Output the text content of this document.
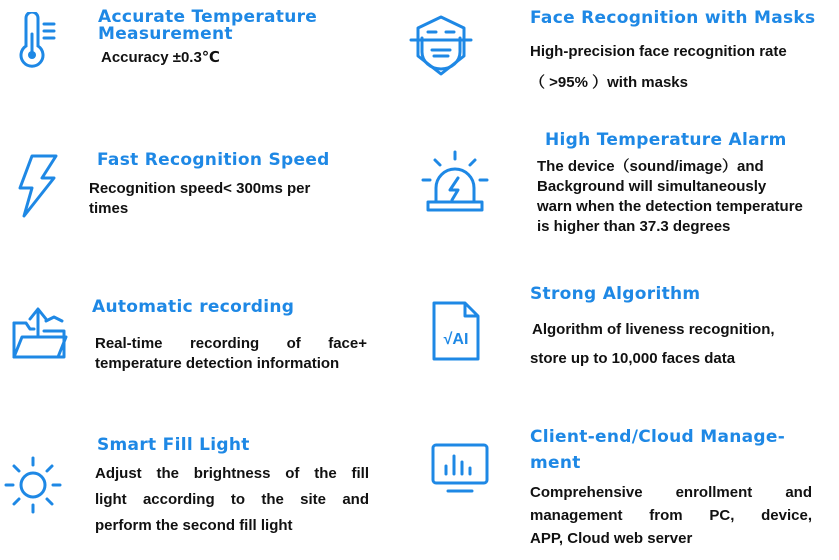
Accurate Temperature
Measurement
Accuracy ±0.3℃
Face Recognition with Masks
High-precision face recognition rate
（ >95% ）with masks
Fast Recognition Speed
Recognition speed< 300ms per
times
High Temperature Alarm
The device（sound/image）and
Background will simultaneously
warn when the detection temperature
is higher than 37.3 degrees
Automatic recording
Real-time recording of face+
temperature detection information
√AI
Strong Algorithm
Algorithm of liveness recognition,
store up to 10,000 faces data
Smart Fill Light
Adjust the brightness of the fill
light according to the site and
perform the second fill light
Client-end/Cloud Manage-
ment
Comprehensive enrollment and
management from PC, device,
APP, Cloud web server
